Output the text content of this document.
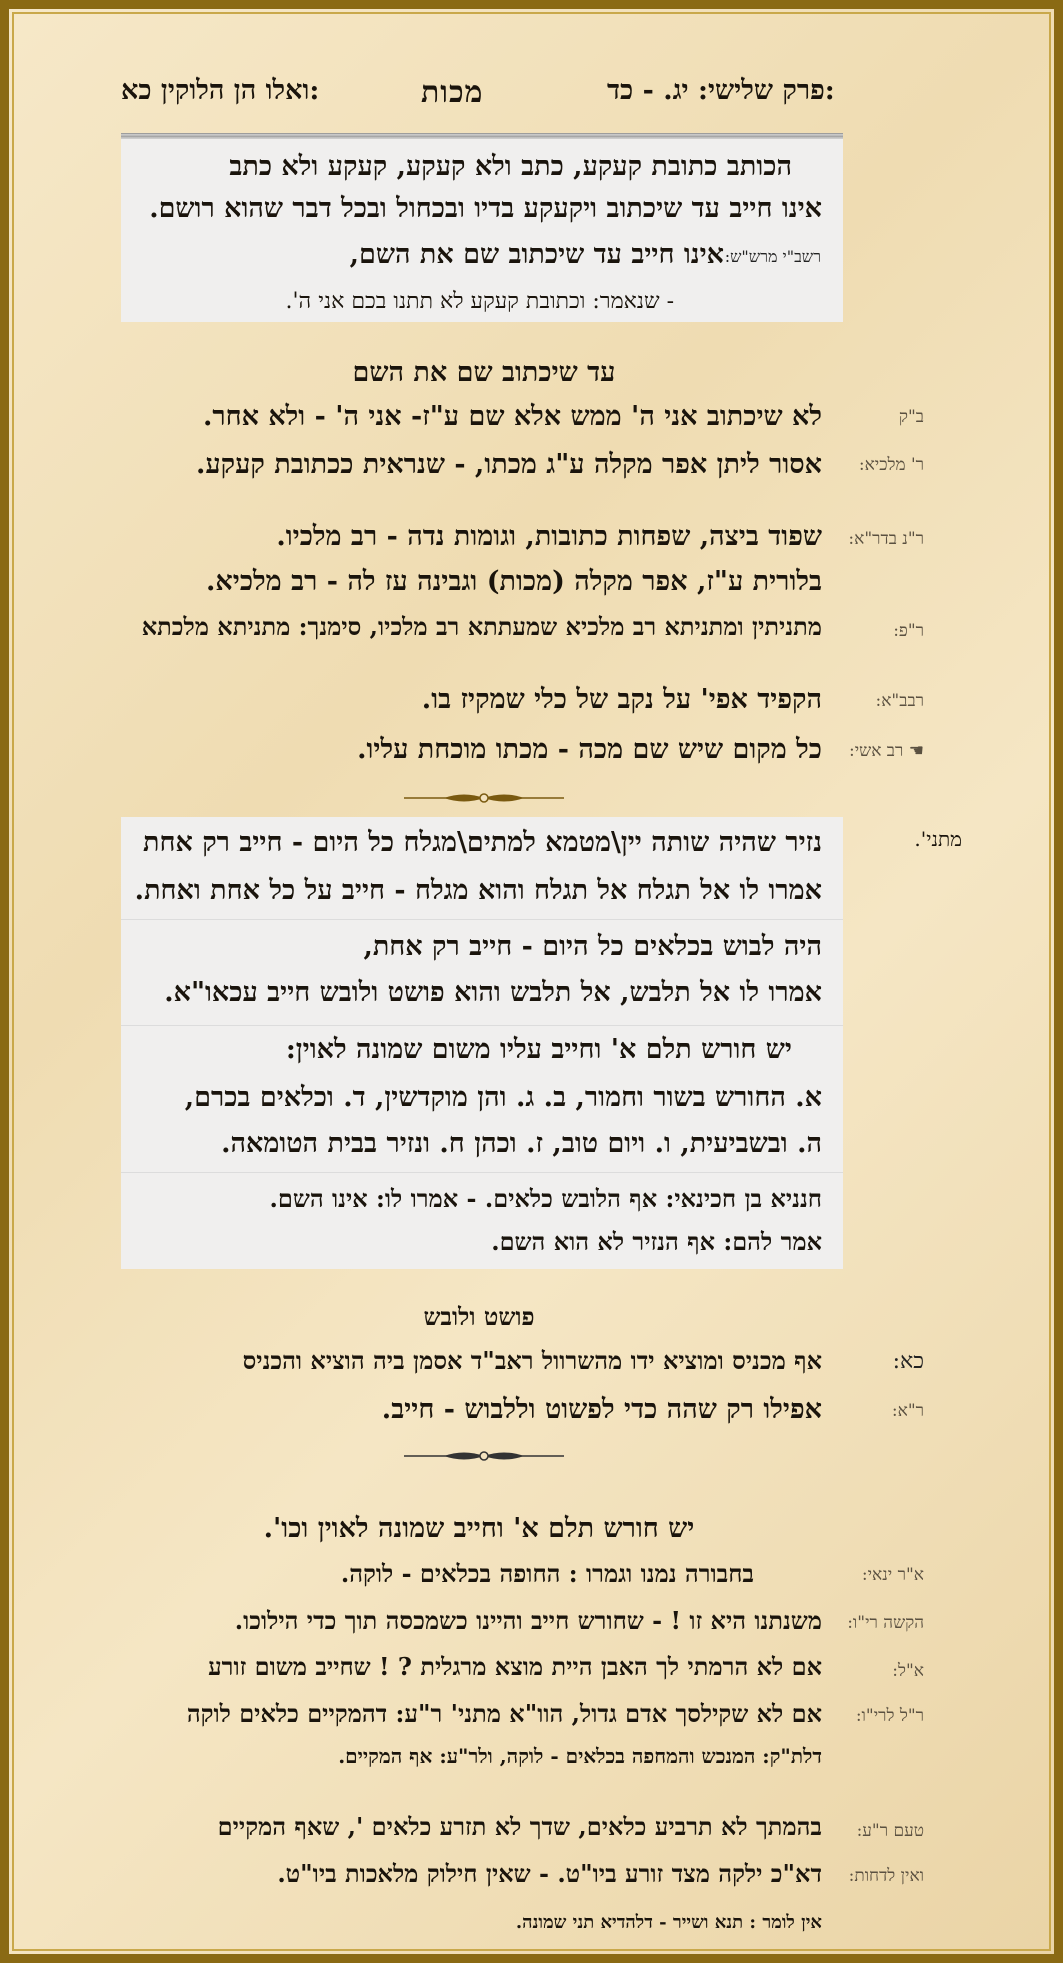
ואלו הן הלוקין כא:	מכות	פרק שלישי: יג. - כד:
הכותב כתובת קעקע, כתב ולא קעקע, קעקע ולא כתב
אינו חייב עד שיכתוב ויקעקע בדיו ובכחול ובכל דבר שהוא רושם.
רשב"י מרש"ש:
אינו חייב עד שיכתוב שם את השם,
- שנאמר: וכתובת קעקע לא תתנו בכם אני ה'.
עד שיכתוב שם את השם
ב"ק
לא שיכתוב אני ה' ממש אלא שם ע"ז- אני ה' - ולא אחר.
ר' מלכיא:
אסור ליתן אפר מקלה ע"ג מכתו, - שנראית ככתובת קעקע.
ר"נ בדר"א:
שפוד ביצה, שפחות כתובות, וגומות נדה - רב מלכיו.
בלורית ע"ז, אפר מקלה (מכות) וגבינה עז לה - רב מלכיא.
ר"פ:
מתניתין ומתניתא רב מלכיא שמעתתא רב מלכיו, סימנך: מתניתא מלכתא
רבב"א:
הקפיד אפי' על נקב של כלי שמקיז בו.
☚ רב אשי:
כל מקום שיש שם מכה - מכתו מוכחת עליו.
מתני'.
נזיר שהיה שותה יין\מטמא למתים\מגלח כל היום - חייב רק אחת
אמרו לו אל תגלח אל תגלח והוא מגלח - חייב על כל אחת ואחת.
היה לבוש בכלאים כל היום - חייב רק אחת,
אמרו לו אל תלבש, אל תלבש והוא פושט ולובש חייב עכאו"א.
יש חורש תלם א' וחייב עליו משום שמונה לאוין:
א. החורש בשור וחמור, ב. ג. והן מוקדשין, ד. וכלאים בכרם,
ה. ובשביעית, ו. ויום טוב, ז. וכהן ח. ונזיר בבית הטומאה.
חנניא בן חכינאי: אף הלובש כלאים. - אמרו לו: אינו השם.
אמר להם: אף הנזיר לא הוא השם.
פושט ולובש
כא:
אף מכניס ומוציא ידו מהשרוול ראב"ד אסמן ביה הוציא והכניס
ר"א:
אפילו רק שהה כדי לפשוט וללבוש - חייב.
יש חורש תלם א' וחייב שמונה לאוין וכו'.
א"ר ינאי:
בחבורה נמנו וגמרו : החופה בכלאים - לוקה.
הקשה רי"ו:
משנתנו היא זו ! - שחורש חייב והיינו כשמכסה תוך כדי הילוכו.
א"ל:
אם לא הרמתי לך האבן היית מוצא מרגלית ? ! שחייב משום זורע
ר"ל לרי"ו:
אם לא שקילסך אדם גדול, הוו"א מתני' ר"ע: דהמקיים כלאים לוקה
דלת"ק: המנכש והמחפה בכלאים - לוקה, ולר"ע: אף המקיים.
טעם ר"ע:
בהמתך לא תרביע כלאים, שדך לא תזרע כלאים ', שאף המקיים
ואין לדחות:
דא"כ ילקה מצד זורע ביו"ט. - שאין חילוק מלאכות ביו"ט.
אין לומר : תנא ושייר - דלהדיא תני שמונה.
